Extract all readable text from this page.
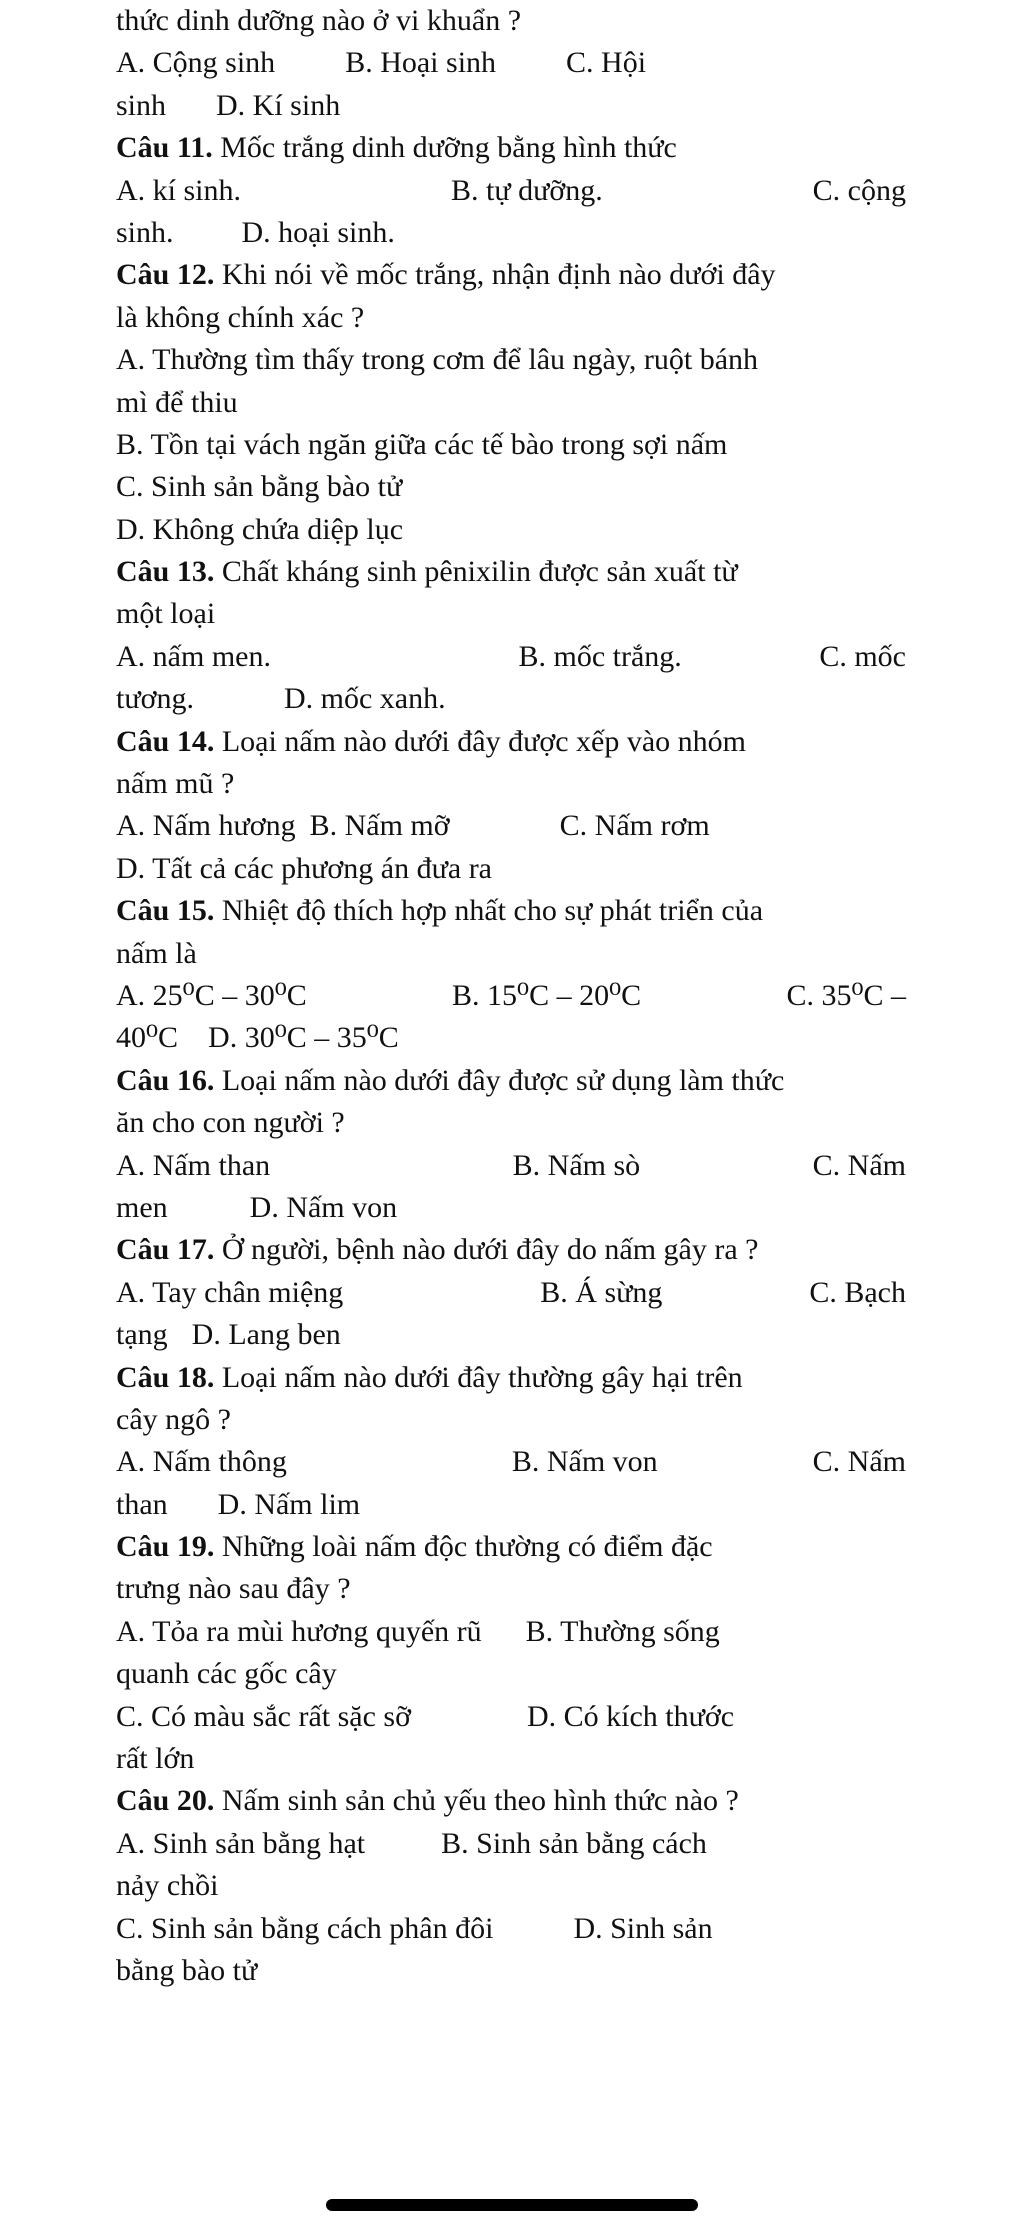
thức dinh dưỡng nào ở vi khuẩn ?
A. Cộng sinh B. Hoại sinh C. Hội
sinh D. Kí sinh
Câu 11. Mốc trắng dinh dưỡng bằng hình thức
A. kí sinh.	B. tự dưỡng.	C. cộng
sinh. D. hoại sinh.
Câu 12. Khi nói về mốc trắng, nhận định nào dưới đây
là không chính xác ?
A. Thường tìm thấy trong cơm để lâu ngày, ruột bánh
mì để thiu
B. Tồn tại vách ngăn giữa các tế bào trong sợi nấm
C. Sinh sản bằng bào tử
D. Không chứa diệp lục
Câu 13. Chất kháng sinh pênixilin được sản xuất từ
một loại
A. nấm men.	B. mốc trắng.	C. mốc
tương.	D. mốc xanh.
Câu 14. Loại nấm nào dưới đây được xếp vào nhóm
nấm mũ ?
A. Nấm hương B. Nấm mỡ	C. Nấm rơm
D. Tất cả các phương án đưa ra
Câu 15. Nhiệt độ thích hợp nhất cho sự phát triển của
nấm là
A. 25⁰C – 30⁰C	B. 15⁰C – 20⁰C	C. 35⁰C –
40⁰C D. 30⁰C – 35⁰C
Câu 16. Loại nấm nào dưới đây được sử dụng làm thức
ăn cho con người ?
A. Nấm than	B. Nấm sò	C. Nấm
men	D. Nấm von
Câu 17. Ở người, bệnh nào dưới đây do nấm gây ra ?
A. Tay chân miệng	B. Á sừng	C. Bạch
tạng D. Lang ben
Câu 18. Loại nấm nào dưới đây thường gây hại trên
cây ngô ?
A. Nấm thông	B. Nấm von	C. Nấm
than D. Nấm lim
Câu 19. Những loài nấm độc thường có điểm đặc
trưng nào sau đây ?
A. Tỏa ra mùi hương quyến rũ B. Thường sống
quanh các gốc cây
C. Có màu sắc rất sặc sỡ	D. Có kích thước
rất lớn
Câu 20. Nấm sinh sản chủ yếu theo hình thức nào ?
A. Sinh sản bằng hạt	B. Sinh sản bằng cách
nảy chồi
C. Sinh sản bằng cách phân đôi	D. Sinh sản
bằng bào tử
